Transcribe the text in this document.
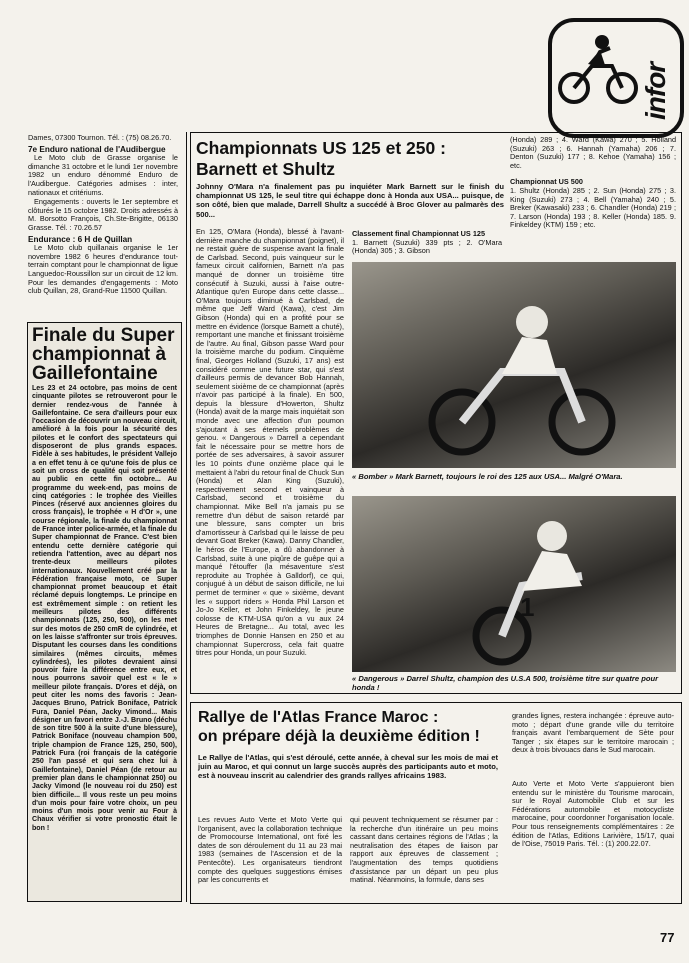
infor
Dames, 07300 Tournon. Tél. : (75) 08.26.70.
7e Enduro national de l'Audibergue

Le Moto club de Grasse organise le dimanche 31 octobre et le lundi 1er novembre 1982 un enduro dénommé Enduro de l'Audibergue. Catégories admises : inter, nationaux et critériums.

Engagements : ouverts le 1er septembre et clôturés le 15 octobre 1982. Droits adressés à M. Borsotto François, Ch.Ste-Brigitte, 06130 Grasse. Tél. : 70.26.57

Endurance : 6 H de Quillan

Le Moto club quillanais organise le 1er novembre 1982 6 heures d'endurance tout-terrain comptant pour le championnat de ligue Languedoc-Roussillon sur un circuit de 12 km. Pour les demandes d'engagements : Moto club Quillan, 28, Grand-Rue 11500 Quillan.

Finale du Super championnat à Gaillefontaine
Les 23 et 24 octobre, pas moins de cent cinquante pilotes se retrouveront pour le dernier rendez-vous de l'année à Gaillefontaine. Ce sera d'ailleurs pour eux l'occasion de découvrir un nouveau circuit, amélioré à la fois pour la sécurité des pilotes et le confort des spectateurs qui disposeront de plus grands espaces. Fidèle à ses habitudes, le président Vallejo a en effet tenu à ce qu'une fois de plus ce soit un cross de qualité qui soit présenté au public en cette fin octobre... Au programme du week-end, pas moins de cinq catégories : le trophée des Vieilles Pinces (réservé aux anciennes gloires du cross français), le trophée « H d'Or », une course régionale, la finale du championnat de France inter police-armée, et la finale du Super championnat de France. C'est bien entendu cette dernière catégorie qui retiendra l'attention, avec au départ nos trente-deux meilleurs pilotes internationaux. Nouvellement créé par la Fédération française moto, ce Super championnat promet beaucoup et était réclamé depuis longtemps. Le principe en est extrêmement simple : on retient les meilleurs pilotes des différents championnats (125, 250, 500), on les met sur des motos de 250 cmR de cylindrée, et on les laisse s'affronter sur trois épreuves. Disputant les courses dans les conditions similaires (mêmes circuits, mêmes cylindrées), les pilotes devraient ainsi pouvoir faire la différence entre eux, et nous pourrons savoir quel est « le » meilleur pilote français. D'ores et déjà, on peut citer les noms des favoris : Jean-Jacques Bruno, Patrick Boniface, Patrick Fura, Daniel Péan, Jacky Vimond... Mais désigner un favori entre J.-J. Bruno (déchu de son titre 500 à la suite d'une blessure), Patrick Boniface (nouveau champion 500, triple champion de France 125, 250, 500), Patrick Fura (roi français de la catégorie 250 l'an passé et qui sera chez lui à Gaillefontaine), Daniel Péan (de retour au premier plan dans le championnat 250) ou Jacky Vimond (le nouveau roi du 250) est bien difficile... Il vous reste un peu moins d'un mois pour faire votre choix, un peu moins d'un mois pour venir au Four à Chaux vérifier si votre pronostic était le bon !
Championnats US 125 et 250 :
Barnett et Shultz
Johnny O'Mara n'a finalement pas pu inquiéter Mark Barnett sur le finish du championnat US 125, le seul titre qui échappe donc à Honda aux USA... puisque, de son côté, bien que malade, Darrell Shultz a succédé à Broc Glover au palmarès des 500...
En 125, O'Mara (Honda), blessé à l'avant-dernière manche du championnat (poignet), il ne restait guère de suspense avant la finale de Carlsbad. Second, puis vainqueur sur le fameux circuit californien, Barnett n'a pas manqué de donner un troisième titre consécutif à Suzuki, aussi à l'aise outre-Atlantique qu'en Europe dans cette classe... O'Mara toujours diminué à Carlsbad, de même que Jeff Ward (Kawa), c'est Jim Gibson (Honda) qui en a profité pour se mettre en évidence (lorsque Barnett a chuté), remportant une manche et finissant troisième de l'autre. Au final, Gibson passe Ward pour la troisième marche du podium. Cinquième final, Georges Holland (Suzuki, 17 ans) est considéré comme une future star, qui s'est d'ailleurs permis de devancer Bob Hannah, seulement sixième de ce championnat (après n'avoir pas participé à la finale). En 500, depuis la blessure d'Howerton, Shultz (Honda) avait de la marge mais inquiétait son monde avec une affection d'un poumon s'ajoutant à ses éternels problèmes de genou. « Dangerous » Darrell a cependant fait le nécessaire pour se mettre hors de portée de ses adversaires, à savoir assurer les 10 points d'une onzième place qui le mettaient à l'abri du retour final de Chuck Sun (Honda) et Alan King (Suzuki), respectivement second et vainqueur à Carlsbad, second et troisième du championnat. Mike Bell n'a jamais pu se remettre d'un début de saison retardé par une blessure, sans compter un bris d'amortisseur à Carlsbad qui le laisse de peu devant Goat Breker (Kawa). Danny Chandler, le héros de l'Europe, a dû abandonner à Carlsbad, suite à une piqûre de guêpe qui a manqué l'étouffer (la mésaventure s'est reproduite au Trophée à Galldorf), ce qui, conjugué à un début de saison difficile, ne lui permet de terminer « que » sixième, devant les « support riders » Honda Phil Larson et Jo-Jo Keller, et John Finkeldey, le jeune colosse de KTM-USA qu'on a vu aux 24 Heures de Bretagne... Au total, avec les triomphes de Donnie Hansen en 250 et au championnat Supercross, cela fait quatre titres pour Honda, un pour Suzuki.
Classement final Championnat US 125
1. Barnett (Suzuki) 339 pts ; 2. O'Mara (Honda) 305 ; 3. Gibson
(Honda) 289 ; 4. Ward (Kawa) 270 ; 5. Holland (Suzuki) 263 ; 6. Hannah (Yamaha) 206 ; 7. Denton (Suzuki) 177 ; 8. Kehoe (Yamaha) 156 ; etc.
Championnat US 500
1. Shultz (Honda) 285 ; 2. Sun (Honda) 275 ; 3. King (Suzuki) 273 ; 4. Bell (Yamaha) 240 ; 5. Breker (Kawasaki) 233 ; 6. Chandler (Honda) 219 ; 7. Larson (Honda) 193 ; 8. Keller (Honda) 185. 9. Finkeldey (KTM) 159 ; etc.
« Bomber » Mark Barnett, toujours le roi des 125 aux USA... Malgré O'Mara.
1
« Dangerous » Darrel Shultz, champion des U.S.A 500, troisième titre sur quatre pour honda !
Rallye de l'Atlas France Maroc :
on prépare déjà la deuxième édition !
Le Rallye de l'Atlas, qui s'est déroulé, cette année, à cheval sur les mois de mai et juin au Maroc, et qui connut un large succès auprès des participants auto et moto, est à nouveau inscrit au calendrier des grands rallyes africains 1983.
Les revues Auto Verte et Moto Verte qui l'organisent, avec la collaboration technique de Promocourse International, ont fixé les dates de son déroulement du 11 au 23 mai 1983 (semaines de l'Ascension et de la Pentecôte). Les organisateurs tiendront compte des quelques suggestions émises par les concurrents et
qui peuvent techniquement se résumer par : la recherche d'un itinéraire un peu moins cassant dans certaines régions de l'Atlas ; la neutralisation des étapes de liaison par rapport aux épreuves de classement ; l'augmentation des temps quotidiens d'assistance par un départ un peu plus matinal. Néanmoins, la formule, dans ses
grandes lignes, restera inchangée : épreuve auto-moto ; départ d'une grande ville du territoire français avant l'embarquement de Sète pour Tanger ; six étapes sur le territoire marocain ; deux à trois bivouacs dans le Sud marocain.
Auto Verte et Moto Verte s'appuieront bien entendu sur le ministère du Tourisme marocain, sur le Royal Automobile Club et sur les Fédérations automobile et motocycliste marocaine, pour coordonner l'organisation locale. Pour tous renseignements complémentaires : 2e édition de l'Atlas, Editions Larivière, 15/17, quai de l'Oise, 75019 Paris. Tél. : (1) 200.22.07.
77
